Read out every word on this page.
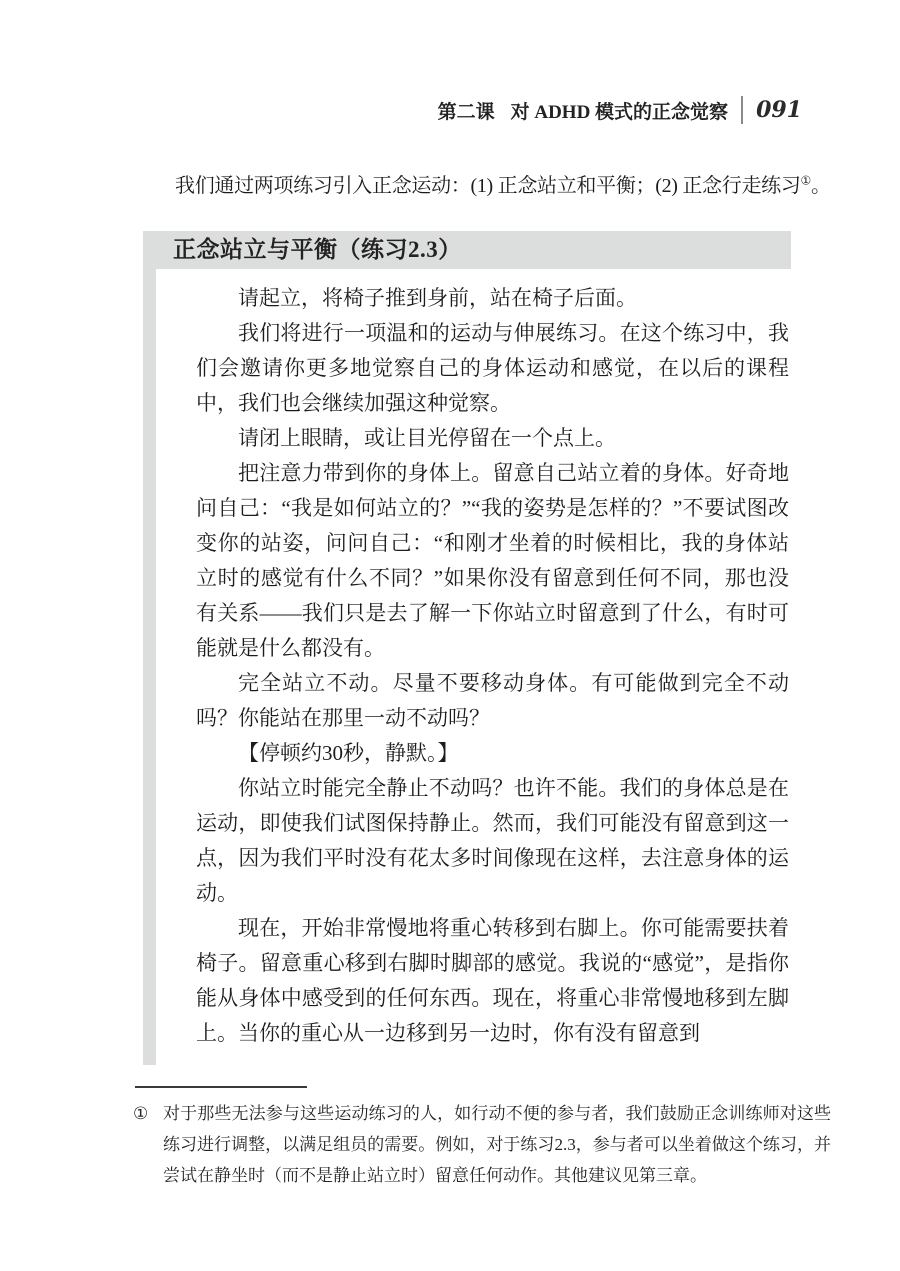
第二课 对 ADHD 模式的正念觉察 091

我们通过两项练习引入正念运动：(1) 正念站立和平衡；(2) 正念行走练习①。

正念站立与平衡（练习2.3）

请起立，将椅子推到身前，站在椅子后面。

我们将进行一项温和的运动与伸展练习。在这个练习中，我们会邀请你更多地觉察自己的身体运动和感觉，在以后的课程中，我们也会继续加强这种觉察。

请闭上眼睛，或让目光停留在一个点上。

把注意力带到你的身体上。留意自己站立着的身体。好奇地问自己：“我是如何站立的？”“我的姿势是怎样的？”不要试图改变你的站姿，问问自己：“和刚才坐着的时候相比，我的身体站立时的感觉有什么不同？”如果你没有留意到任何不同，那也没有关系——我们只是去了解一下你站立时留意到了什么，有时可能就是什么都没有。

完全站立不动。尽量不要移动身体。有可能做到完全不动吗？你能站在那里一动不动吗？

【停顿约30秒，静默。】

你站立时能完全静止不动吗？也许不能。我们的身体总是在运动，即使我们试图保持静止。然而，我们可能没有留意到这一点，因为我们平时没有花太多时间像现在这样，去注意身体的运动。

现在，开始非常慢地将重心转移到右脚上。你可能需要扶着椅子。留意重心移到右脚时脚部的感觉。我说的“感觉”，是指你能从身体中感受到的任何东西。现在，将重心非常慢地移到左脚上。当你的重心从一边移到另一边时，你有没有留意到

① 对于那些无法参与这些运动练习的人，如行动不便的参与者，我们鼓励正念训练师对这些练习进行调整，以满足组员的需要。例如，对于练习2.3，参与者可以坐着做这个练习，并尝试在静坐时（而不是静止站立时）留意任何动作。其他建议见第三章。
